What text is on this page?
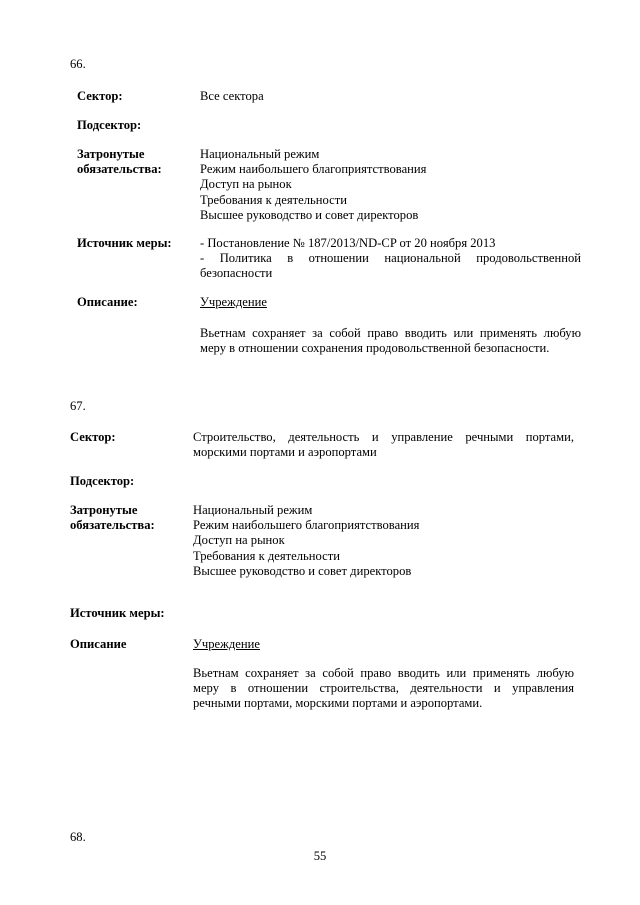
66.
Сектор:	Все сектора
Подсектор:
Затронутые обязательства:
Национальный режим
Режим наибольшего благоприятствования
Доступ на рынок
Требования к деятельности
Высшее руководство и совет директоров
Источник меры: - Постановление № 187/2013/ND-CP от 20 ноября 2013
- Политика в отношении национальной продовольственной безопасности
Описание:	Учреждение
Вьетнам сохраняет за собой право вводить или применять любую меру в отношении сохранения продовольственной безопасности.
67.
Сектор:	Строительство, деятельность и управление речными портами, морскими портами и аэропортами
Подсектор:
Затронутые обязательства:
Национальный режим
Режим наибольшего благоприятствования
Доступ на рынок
Требования к деятельности
Высшее руководство и совет директоров
Источник меры:
Описание	Учреждение
Вьетнам сохраняет за собой право вводить или применять любую меру в отношении строительства, деятельности и управления речными портами, морскими портами и аэропортами.
68.
55
